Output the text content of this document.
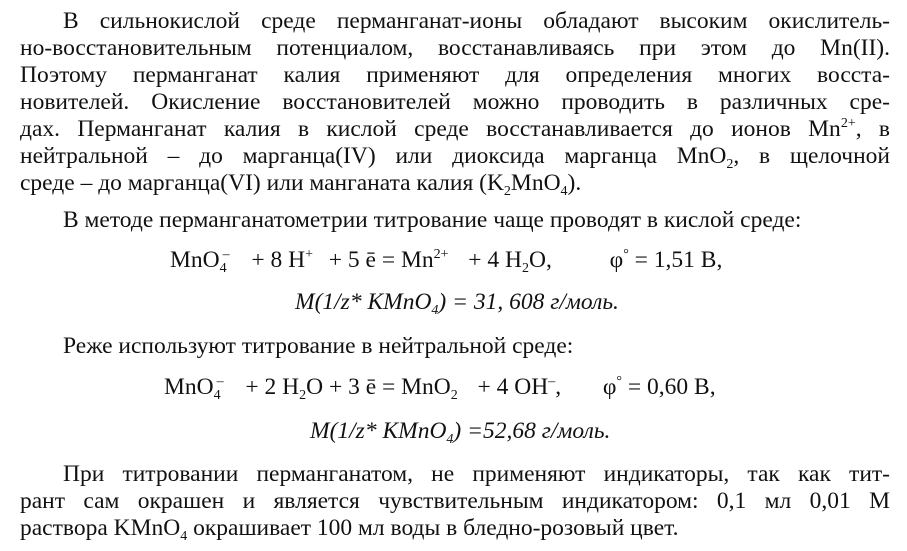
В сильнокислой среде перманганат-ионы обладают высоким окислитель-
но-восстановительным потенциалом, восстанавливаясь при этом до Mn(II).
Поэтому перманганат калия применяют для определения многих восста-
новителей. Окисление восстановителей можно проводить в различных сре-
дах. Перманганат калия в кислой среде восстанавливается до ионов $Mn^{2+}$, в
нейтральной – до марганца(IV) или диоксида марганца MnO$_2$, в щелочной
среде – до марганца(VI) или манганата калия $(K_2MnO_4)$.
В методе перманганатометрии титрование чаще проводят в кислой среде:
MnO$_4$– + 8 H+ + 5 ē = $Mn^{2+} + 4$ $H_2O$, φ° = 1,51 В,
M(1/z* KMnO$_4$) = 31, 608 г/моль.
Реже используют титрование в нейтральной среде:
MnO$_4$– + 2 $H_2O + 3$ ē = MnO$_2$ + 4 OH–, φ° = 0,60 В,
M(1/z* KMnO$_4$) =52,68 г/моль.
При титровании перманганатом, не применяют индикаторы, так как тит-
рант сам окрашен и является чувствительным индикатором: 0,1 мл 0,01 М
раствора KMnO$_4$ окрашивает 100 мл воды в бледно-розовый цвет.
